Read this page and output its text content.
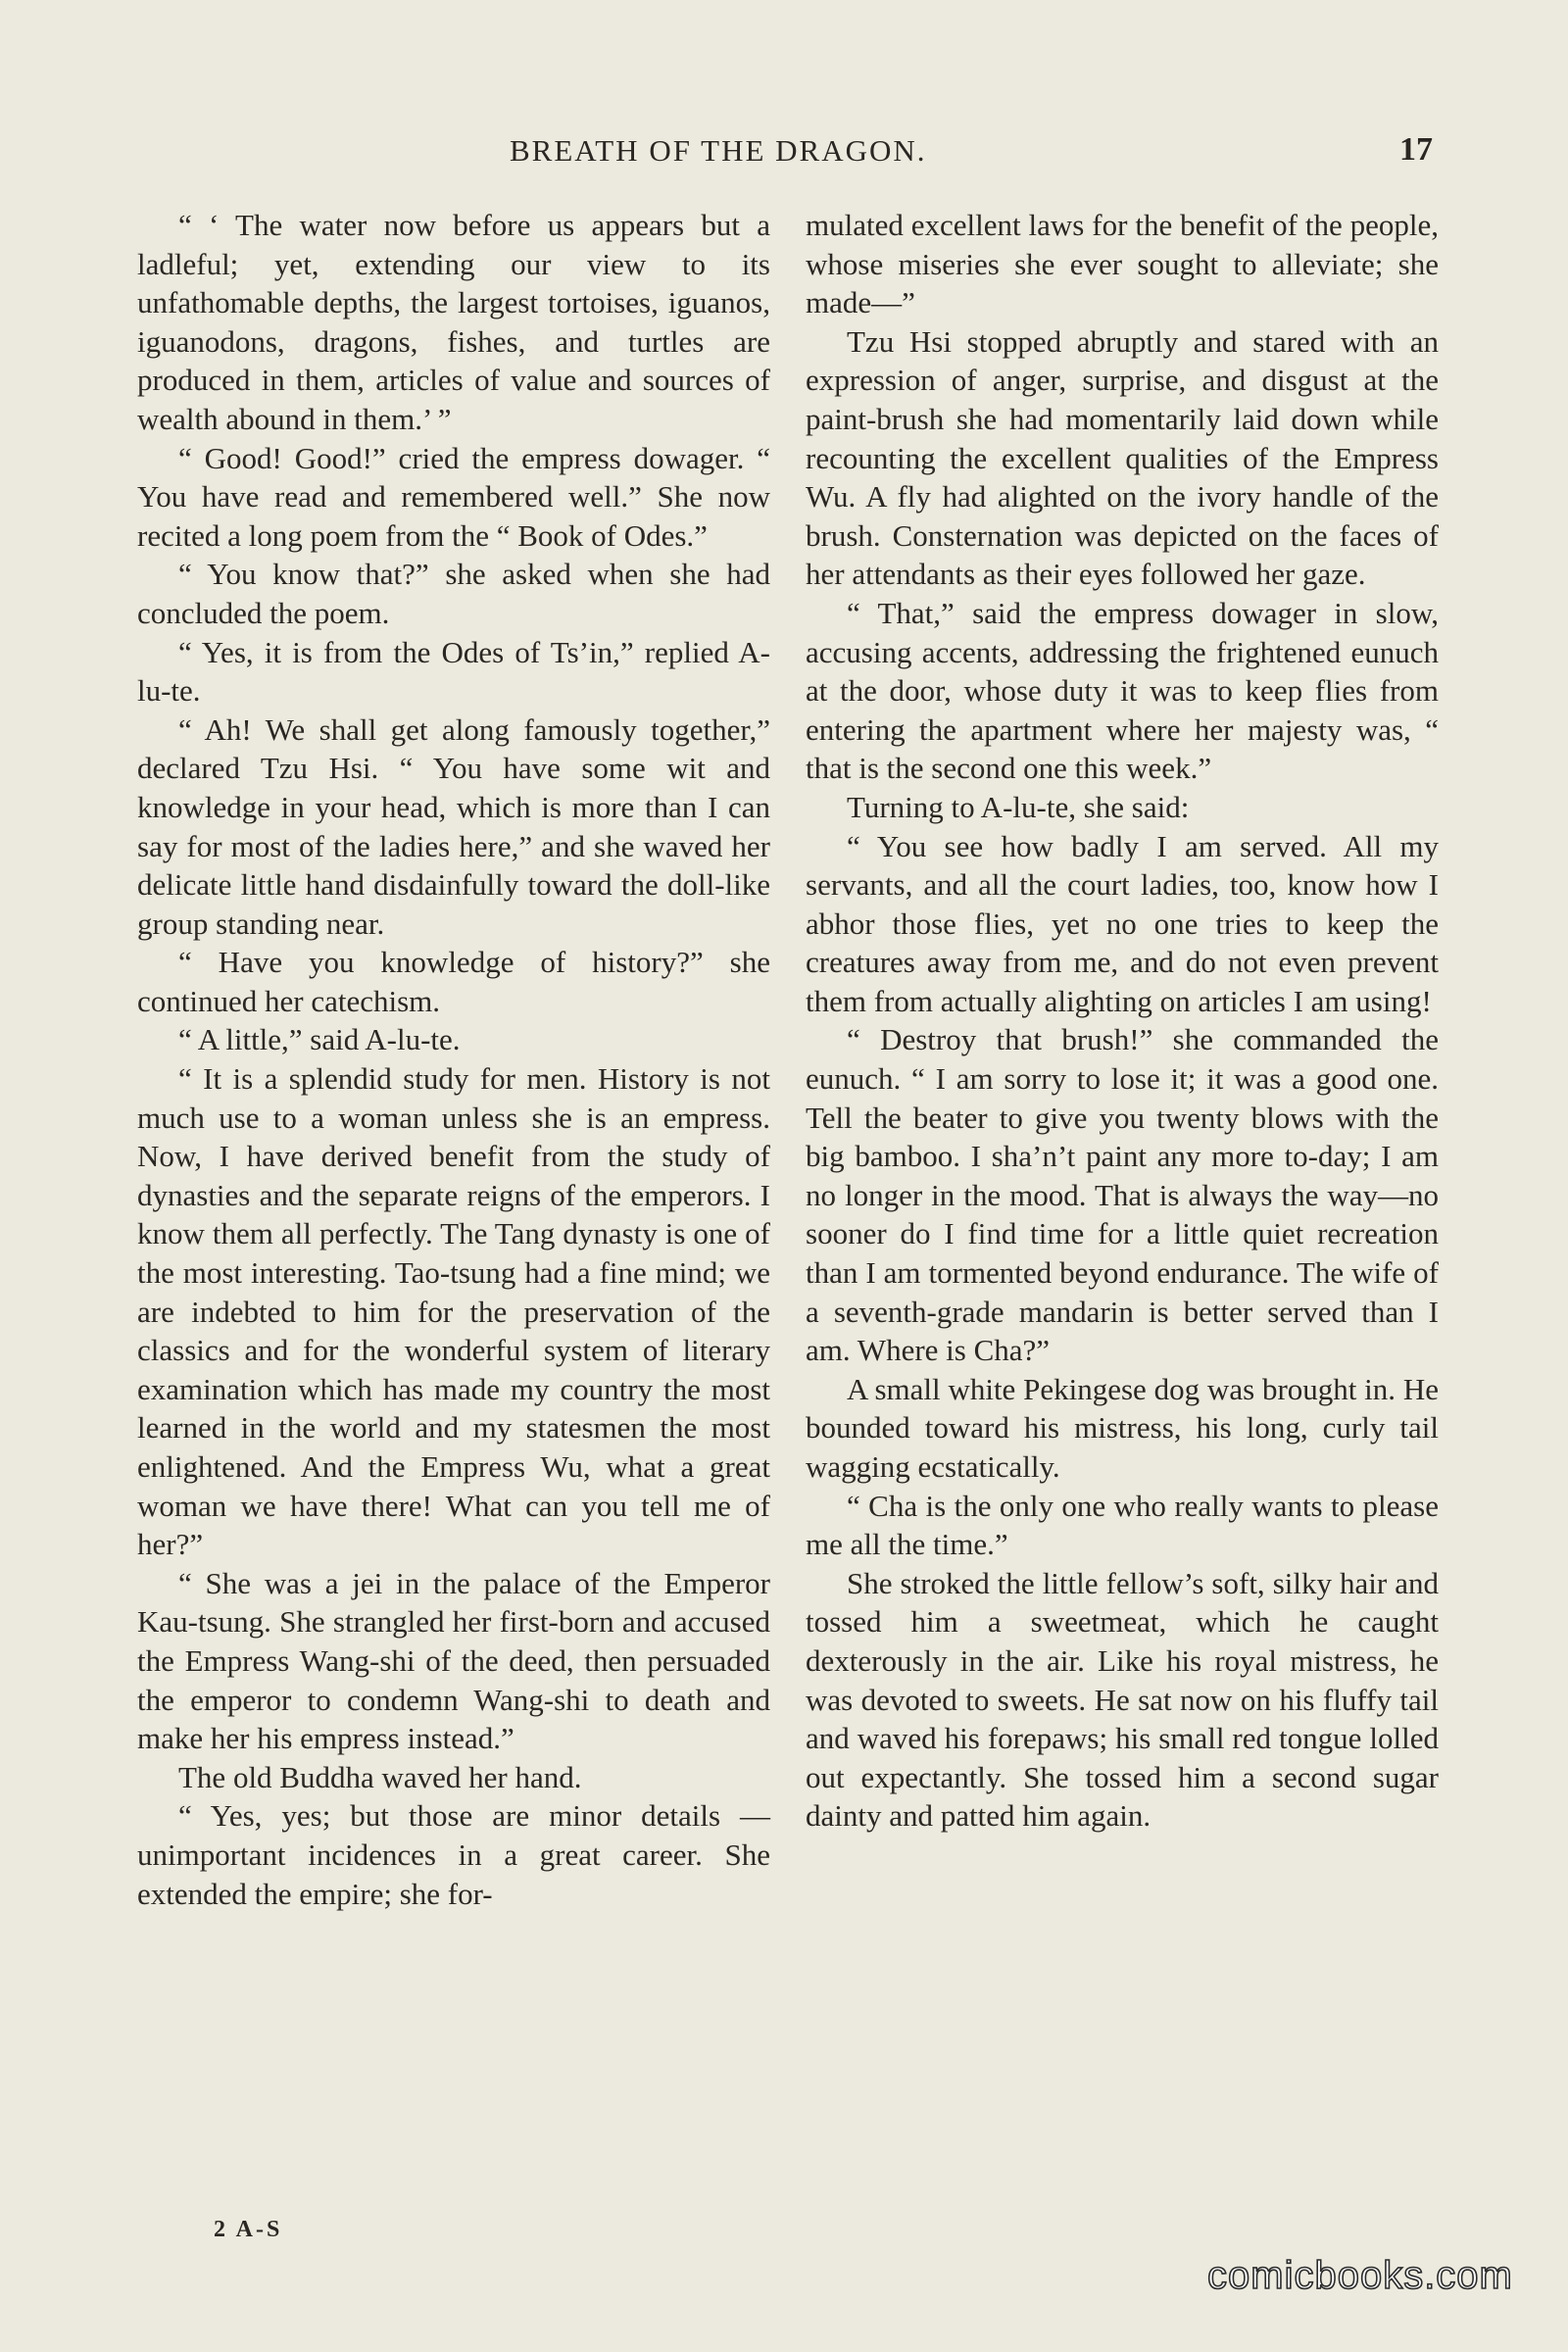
BREATH OF THE DRAGON.	17

“ ‘ The water now before us appears but a ladleful; yet, extending our view to its unfathomable depths, the largest tortoises, iguanos, iguanodons, dragons, fishes, and turtles are produced in them, articles of value and sources of wealth abound in them.’ ”

“ Good! Good!” cried the empress dowager. “ You have read and remembered well.” She now recited a long poem from the “ Book of Odes.”

“ You know that?” she asked when she had concluded the poem.

“ Yes, it is from the Odes of Ts’in,” replied A-lu-te.

“ Ah! We shall get along famously together,” declared Tzu Hsi. “ You have some wit and knowledge in your head, which is more than I can say for most of the ladies here,” and she waved her delicate little hand disdainfully toward the doll-like group standing near.

“ Have you knowledge of history?” she continued her catechism.

“ A little,” said A-lu-te.

“ It is a splendid study for men. History is not much use to a woman unless she is an empress. Now, I have derived benefit from the study of dynasties and the separate reigns of the emperors. I know them all perfectly. The Tang dynasty is one of the most interesting. Tao-tsung had a fine mind; we are indebted to him for the preservation of the classics and for the wonderful system of literary examination which has made my country the most learned in the world and my statesmen the most enlightened. And the Empress Wu, what a great woman we have there! What can you tell me of her?”

“ She was a jei in the palace of the Emperor Kau-tsung. She strangled her first-born and accused the Empress Wang-shi of the deed, then persuaded the emperor to condemn Wang-shi to death and make her his empress instead.”

The old Buddha waved her hand.

“ Yes, yes; but those are minor details —unimportant incidences in a great career. She extended the empire; she for-

mulated excellent laws for the benefit of the people, whose miseries she ever sought to alleviate; she made—”

Tzu Hsi stopped abruptly and stared with an expression of anger, surprise, and disgust at the paint-brush she had momentarily laid down while recounting the excellent qualities of the Empress Wu. A fly had alighted on the ivory handle of the brush. Consternation was depicted on the faces of her attendants as their eyes followed her gaze.

“ That,” said the empress dowager in slow, accusing accents, addressing the frightened eunuch at the door, whose duty it was to keep flies from entering the apartment where her majesty was, “ that is the second one this week.”

Turning to A-lu-te, she said:

“ You see how badly I am served. All my servants, and all the court ladies, too, know how I abhor those flies, yet no one tries to keep the creatures away from me, and do not even prevent them from actually alighting on articles I am using!

“ Destroy that brush!” she commanded the eunuch. “ I am sorry to lose it; it was a good one. Tell the beater to give you twenty blows with the big bamboo. I sha’n’t paint any more to-day; I am no longer in the mood. That is always the way—no sooner do I find time for a little quiet recreation than I am tormented beyond endurance. The wife of a seventh-grade mandarin is better served than I am. Where is Cha?”

A small white Pekingese dog was brought in. He bounded toward his mistress, his long, curly tail wagging ecstatically.

“ Cha is the only one who really wants to please me all the time.”

She stroked the little fellow’s soft, silky hair and tossed him a sweetmeat, which he caught dexterously in the air. Like his royal mistress, he was devoted to sweets. He sat now on his fluffy tail and waved his forepaws; his small red tongue lolled out expectantly. She tossed him a second sugar dainty and patted him again.

2 A-S
comicbooks.com
